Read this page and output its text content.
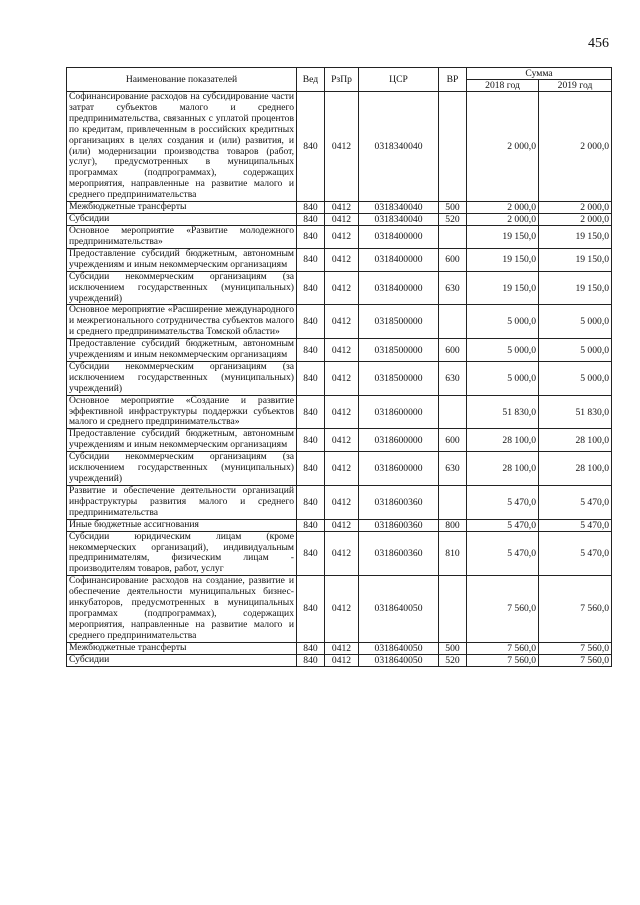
456
Наименование показателей	Вед	РзПр	ЦСР	ВР	Сумма	
					2018 год	2019 год
Софинансирование расходов на субсидирование части затрат субъектов малого и среднего предпринимательства, связанных с уплатой процентов по кредитам, привлеченным в российских кредитных организациях в целях создания и (или) развития, и (или) модернизации производства товаров (работ, услуг), предусмотренных в муниципальных программах (подпрограммах), содержащих мероприятия, направленные на развитие малого и среднего предпринимательства	840	0412	0318340040		2 000,0	2 000,0
Межбюджетные трансферты	840	0412	0318340040	500	2 000,0	2 000,0
Субсидии	840	0412	0318340040	520	2 000,0	2 000,0
Основное мероприятие «Развитие молодежного предпринимательства»	840	0412	0318400000		19 150,0	19 150,0
Предоставление субсидий бюджетным, автономным учреждениям и иным некоммерческим организациям	840	0412	0318400000	600	19 150,0	19 150,0
Субсидии некоммерческим организациям (за исключением государственных (муниципальных) учреждений)	840	0412	0318400000	630	19 150,0	19 150,0
Основное мероприятие «Расширение международного и межрегионального сотрудничества субъектов малого и среднего предпринимательства Томской области»	840	0412	0318500000		5 000,0	5 000,0
Предоставление субсидий бюджетным, автономным учреждениям и иным некоммерческим организациям	840	0412	0318500000	600	5 000,0	5 000,0
Субсидии некоммерческим организациям (за исключением государственных (муниципальных) учреждений)	840	0412	0318500000	630	5 000,0	5 000,0
Основное мероприятие «Создание и развитие эффективной инфраструктуры поддержки субъектов малого и среднего предпринимательства»	840	0412	0318600000		51 830,0	51 830,0
Предоставление субсидий бюджетным, автономным учреждениям и иным некоммерческим организациям	840	0412	0318600000	600	28 100,0	28 100,0
Субсидии некоммерческим организациям (за исключением государственных (муниципальных) учреждений)	840	0412	0318600000	630	28 100,0	28 100,0
Развитие и обеспечение деятельности организаций инфраструктуры развития малого и среднего предпринимательства	840	0412	0318600360		5 470,0	5 470,0
Иные бюджетные ассигнования	840	0412	0318600360	800	5 470,0	5 470,0
Субсидии юридическим лицам (кроме некоммерческих организаций), индивидуальным предпринимателям, физическим лицам - производителям товаров, работ, услуг	840	0412	0318600360	810	5 470,0	5 470,0
Софинансирование расходов на создание, развитие и обеспечение деятельности муниципальных бизнес-инкубаторов, предусмотренных в муниципальных программах (подпрограммах), содержащих мероприятия, направленные на развитие малого и среднего предпринимательства	840	0412	0318640050		7 560,0	7 560,0
Межбюджетные трансферты	840	0412	0318640050	500	7 560,0	7 560,0
Субсидии	840	0412	0318640050	520	7 560,0	7 560,0
